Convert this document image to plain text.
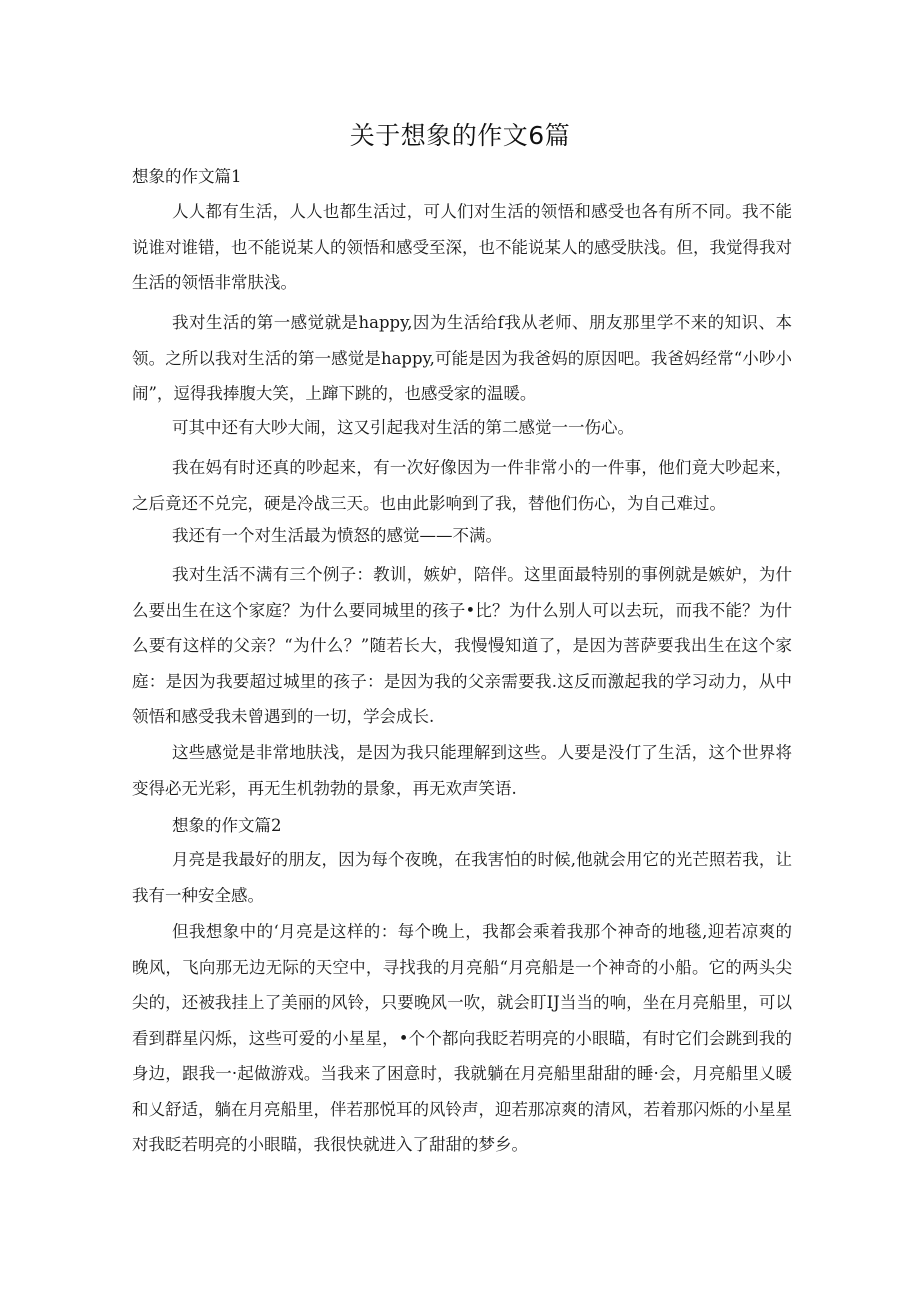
关于想象的作文6篇

想象的作文篇1

人人都有生活，人人也都生活过，可人们对生活的领悟和感受也各有所不同。我不能说谁对谁错，也不能说某人的领悟和感受至深，也不能说某人的感受肤浅。但，我觉得我对生活的领悟非常肤浅。

我对生活的第一感觉就是happy,因为生活给f我从老师、朋友那里学不来的知识、本领。之所以我对生活的第一感觉是happy,可能是因为我爸妈的原因吧。我爸妈经常“小吵小闹”，逗得我捧腹大笑，上蹿下跳的，也感受家的温暖。

可其中还有大吵大闹，这又引起我对生活的第二感觉一一伤心。

我在妈有时还真的吵起来，有一次好像因为一件非常小的一件事，他们竟大吵起来，之后竟还不兑完，硬是冷战三天。也由此影响到了我，替他们伤心，为自己难过。

我还有一个对生活最为愤怒的感觉——不满。

我对生活不满有三个例子：教训，嫉妒，陪伴。这里面最特别的事例就是嫉妒，为什么要出生在这个家庭？为什么要同城里的孩子•比？为什么别人可以去玩，而我不能？为什么要有这样的父亲？“为什么？”随若长大，我慢慢知道了，是因为菩萨要我出生在这个家庭：是因为我要超过城里的孩子：是因为我的父亲需要我.这反而激起我的学习动力，从中领悟和感受我未曾遇到的一切，学会成长.

这些感觉是非常地肤浅，是因为我只能理解到这些。人要是没仃了生活，这个世界将变得必无光彩，再无生机勃勃的景象，再无欢声笑语.

想象的作文篇2

月亮是我最好的朋友，因为每个夜晚，在我害怕的时候,他就会用它的光芒照若我，让我有一种安全感。

但我想象中的‘月亮是这样的：每个晚上，我都会乘着我那个神奇的地毯,迎若凉爽的晚风，飞向那无边无际的天空中，寻找我的月亮船“月亮船是一个神奇的小船。它的两头尖尖的，还被我挂上了美丽的风铃，只要晚风一吹，就会盯IJ当当的响，坐在月亮船里，可以看到群星闪烁，这些可爱的小星星，•个个都向我眨若明亮的小眼瞄，有时它们会跳到我的身边，跟我一·起做游戏。当我来了困意时，我就躺在月亮船里甜甜的睡·会，月亮船里乂暖和乂舒适，躺在月亮船里，伴若那悦耳的风铃声，迎若那凉爽的清风，若着那闪烁的小星星对我眨若明亮的小眼瞄，我很快就进入了甜甜的梦乡。
